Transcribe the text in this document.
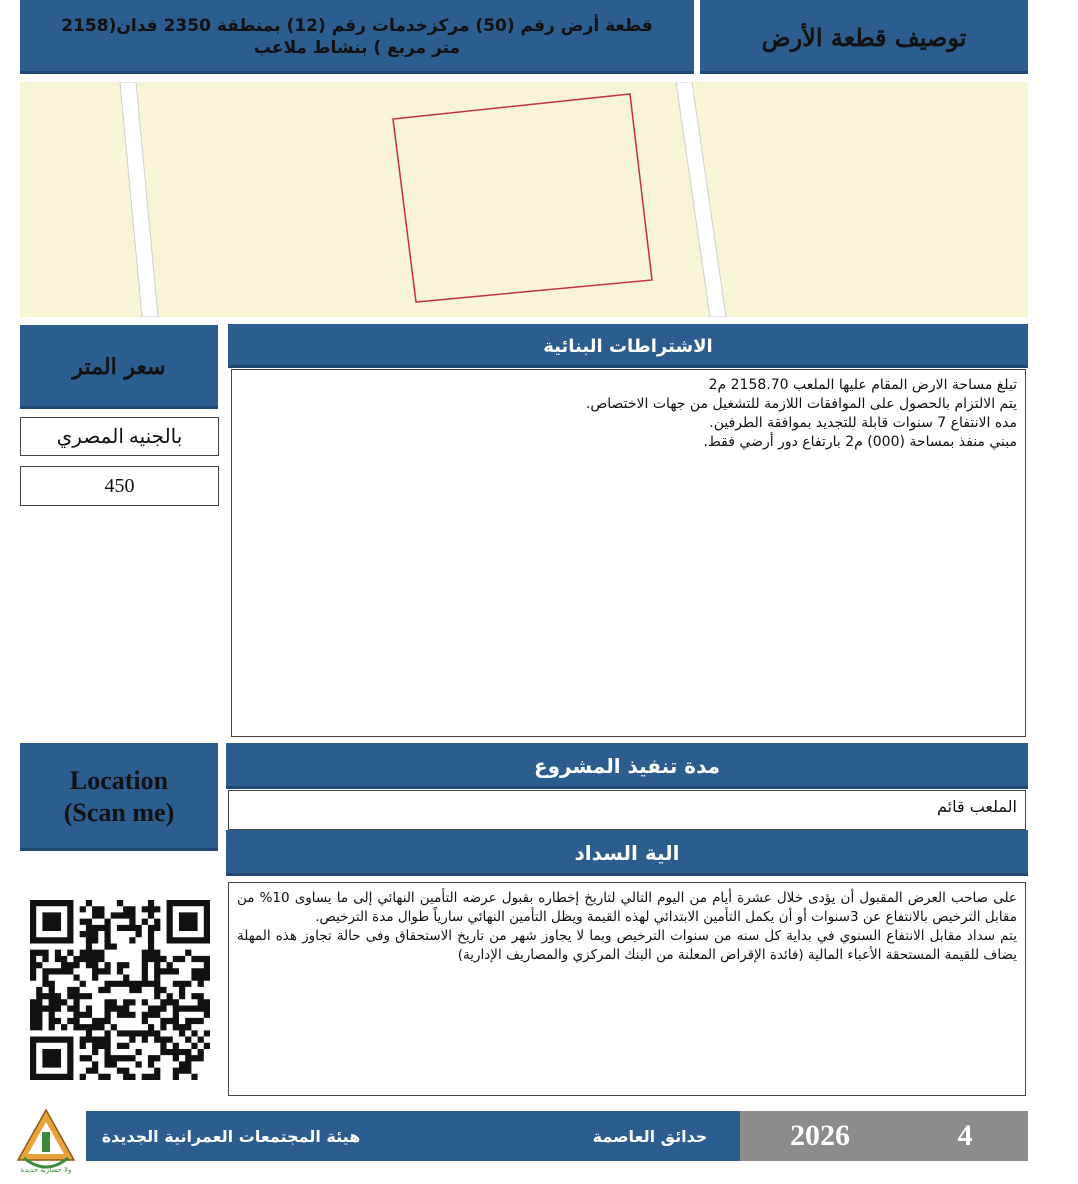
توصيف قطعة الأرض
قطعة أرض رقم (50) مركزخدمات رقم (12) بمنطقة 2350 فدان(2158 متر مربع ) بنشاط ملاعب
سعر المتر
بالجنيه المصري
450
الاشتراطات البنائية
تبلغ مساحة الارض المقام عليها الملعب 2158.70 م2
يتم الالتزام بالحصول على الموافقات اللازمة للتشغيل من جهات الاختصاص.
مده الانتفاع 7 سنوات قابلة للتجديد بموافقة الطرفين.
مبني منفذ بمساحة (000) م2 بارتفاع دور أرضي فقط.
Location
(Scan me)
مدة تنفيذ المشروع
الملعب قائم
الية السداد
على صاحب العرض المقبول أن يؤدى خلال عشرة أيام من اليوم التالي لتاريخ إخطاره بقبول عرضه التأمين النهائي إلى ما يساوى 10% من مقابل الترخيص بالانتفاع عن 3سنوات أو أن يكمل التأمين الابتدائي لهذه القيمة ويظل التأمين النهائي سارياً طوال مدة الترخيص.
يتم سداد مقابل الانتفاع السنوي في بداية كل سنه من سنوات الترخيص وبما لا يجاوز شهر من تاريخ الاستحقاق وفى حالة تجاوز هذه المهلة يضاف للقيمة المستحقة الأعباء المالية (فائدة الإقراض المعلنة من البنك المركزي والمصاريف الإدارية)
هيئة المجتمعات العمرانية الجديدة	حدائق العاصمة	2026	4
ولا حضارية جديدة
